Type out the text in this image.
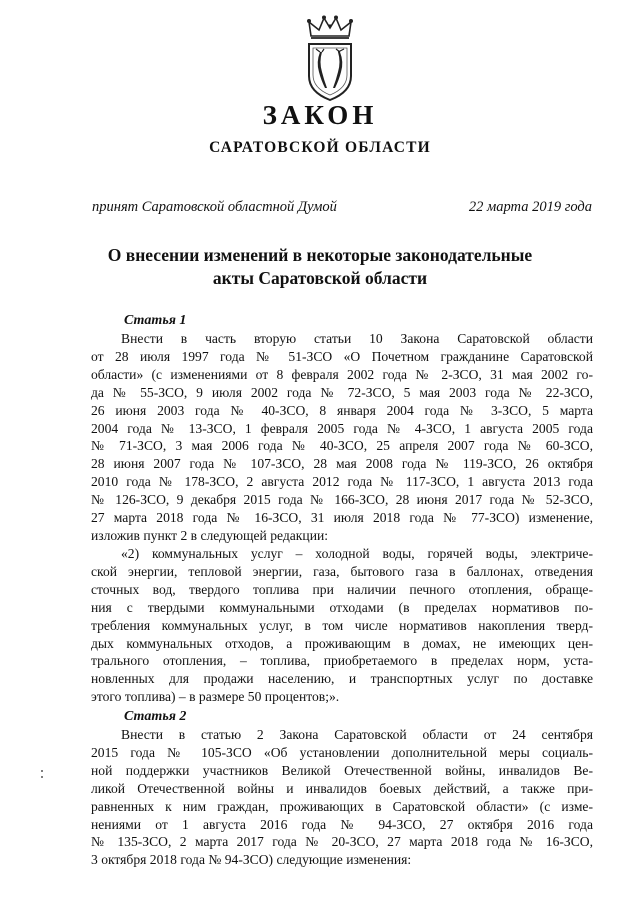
ЗАКОН
САРАТОВСКОЙ ОБЛАСТИ
принят Саратовской областной Думой	22 марта 2019 года
О внесении изменений в некоторые законодательные
акты Саратовской области
Статья 1
Внести в часть вторую статьи 10 Закона Саратовской области
от 28 июля 1997 года № 51-ЗСО «О Почетном гражданине Саратовской
области» (с изменениями от 8 февраля 2002 года № 2-ЗСО, 31 мая 2002 го-
да № 55-ЗСО, 9 июля 2002 года № 72-ЗСО, 5 мая 2003 года № 22-ЗСО,
26 июня 2003 года № 40-ЗСО, 8 января 2004 года № 3-ЗСО, 5 марта
2004 года № 13-ЗСО, 1 февраля 2005 года № 4-ЗСО, 1 августа 2005 года
№ 71-ЗСО, 3 мая 2006 года № 40-ЗСО, 25 апреля 2007 года № 60-ЗСО,
28 июня 2007 года № 107-ЗСО, 28 мая 2008 года № 119-ЗСО, 26 октября
2010 года № 178-ЗСО, 2 августа 2012 года № 117-ЗСО, 1 августа 2013 года
№ 126-ЗСО, 9 декабря 2015 года № 166-ЗСО, 28 июня 2017 года № 52-ЗСО,
27 марта 2018 года № 16-ЗСО, 31 июля 2018 года № 77-ЗСО) изменение,
изложив пункт 2 в следующей редакции:
«2) коммунальных услуг – холодной воды, горячей воды, электриче-
ской энергии, тепловой энергии, газа, бытового газа в баллонах, отведения
сточных вод, твердого топлива при наличии печного отопления, обраще-
ния с твердыми коммунальными отходами (в пределах нормативов по-
требления коммунальных услуг, в том числе нормативов накопления тверд-
дых коммунальных отходов, а проживающим в домах, не имеющих цен-
трального отопления, – топлива, приобретаемого в пределах норм, уста-
новленных для продажи населению, и транспортных услуг по доставке
этого топлива) – в размере 50 процентов;».
Статья 2
Внести в статью 2 Закона Саратовской области от 24 сентября
2015 года № 105-ЗСО «Об установлении дополнительной меры социаль-
ной поддержки участников Великой Отечественной войны, инвалидов Ве-
ликой Отечественной войны и инвалидов боевых действий, а также при-
равненных к ним граждан, проживающих в Саратовской области» (с изме-
нениями от 1 августа 2016 года № 94-ЗСО, 27 октября 2016 года
№ 135-ЗСО, 2 марта 2017 года № 20-ЗСО, 27 марта 2018 года № 16-ЗСО,
3 октября 2018 года № 94-ЗСО) следующие изменения:
